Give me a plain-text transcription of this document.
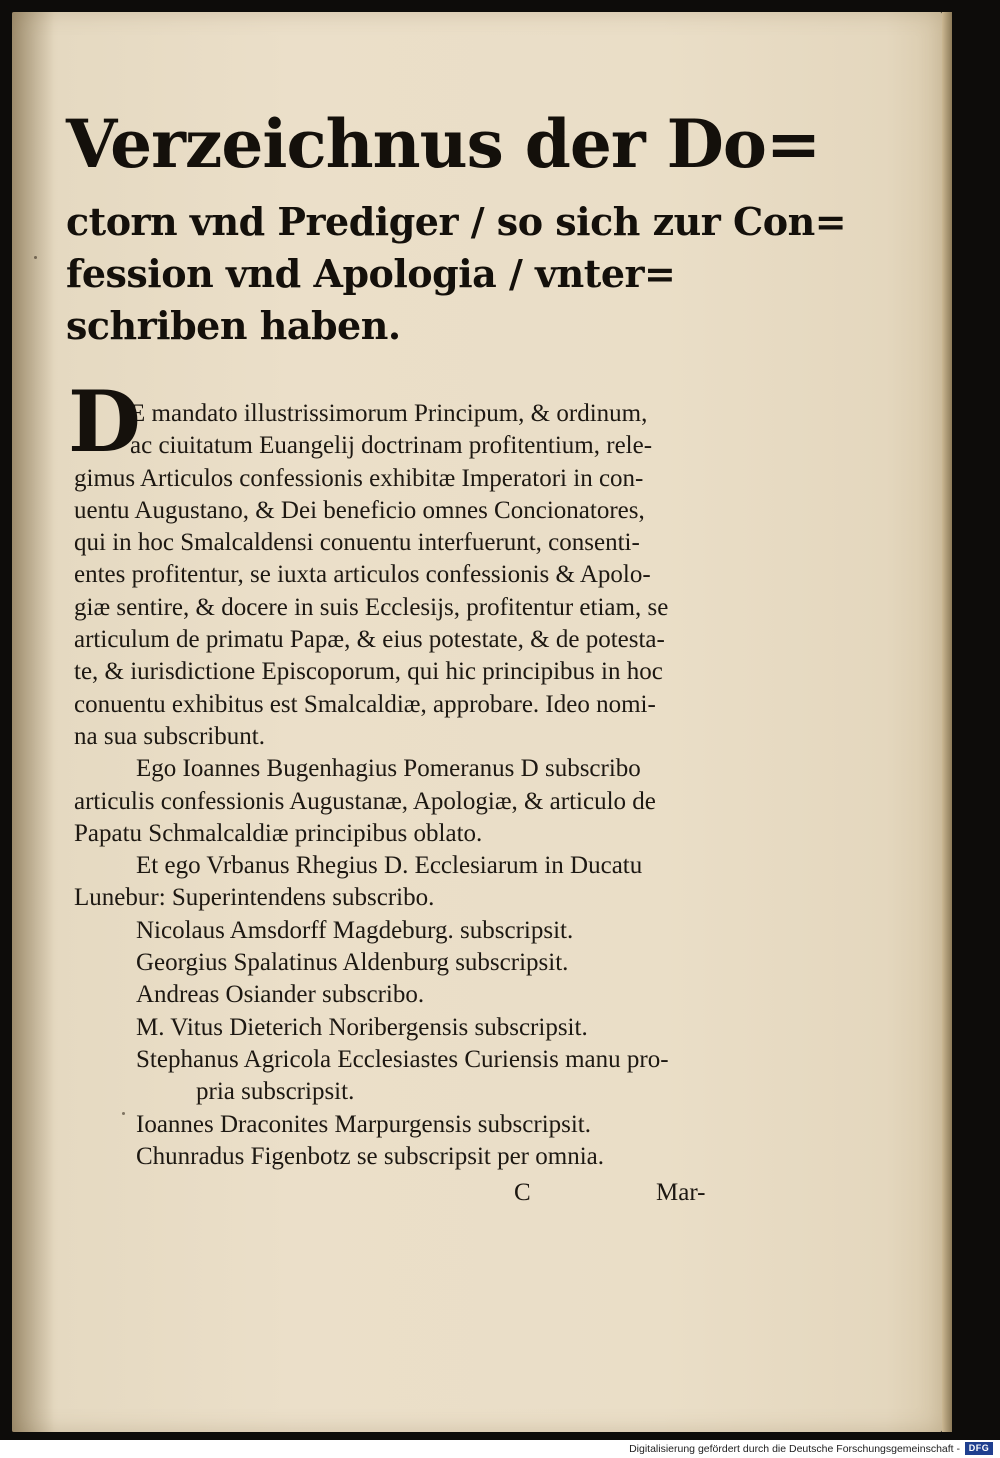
Verzeichnus der Do=
ctorn vnd Prediger / so sich zur Con=
fession vnd Apologia / vnter=
schriben haben.
D
E mandato illustrissimorum Principum, & ordinum,
ac ciuitatum Euangelij doctrinam profitentium, rele-
gimus Articulos confessionis exhibitæ Imperatori in con-
uentu Augustano, & Dei beneficio omnes Concionatores,
qui in hoc Smalcaldensi conuentu interfuerunt, consenti-
entes profitentur, se iuxta articulos confessionis & Apolo-
giæ sentire, & docere in suis Ecclesijs, profitentur etiam, se
articulum de primatu Papæ, & eius potestate, & de potesta-
te, & iurisdictione Episcoporum, qui hic principibus in hoc
conuentu exhibitus est Smalcaldiæ, approbare. Ideo nomi-
na sua subscribunt.
Ego Ioannes Bugenhagius Pomeranus D subscribo
articulis confessionis Augustanæ, Apologiæ, & articulo de
Papatu Schmalcaldiæ principibus oblato.
Et ego Vrbanus Rhegius D. Ecclesiarum in Ducatu
Lunebur: Superintendens subscribo.
Nicolaus Amsdorff Magdeburg. subscripsit.
Georgius Spalatinus Aldenburg subscripsit.
Andreas Osiander subscribo.
M. Vitus Dieterich Noribergensis subscripsit.
Stephanus Agricola Ecclesiastes Curiensis manu pro-
pria subscripsit.
Ioannes Draconites Marpurgensis subscripsit.
Chunradus Figenbotz se subscripsit per omnia.
C	Mar-
Digitalisierung gefördert durch die Deutsche Forschungsgemeinschaft - DFG
